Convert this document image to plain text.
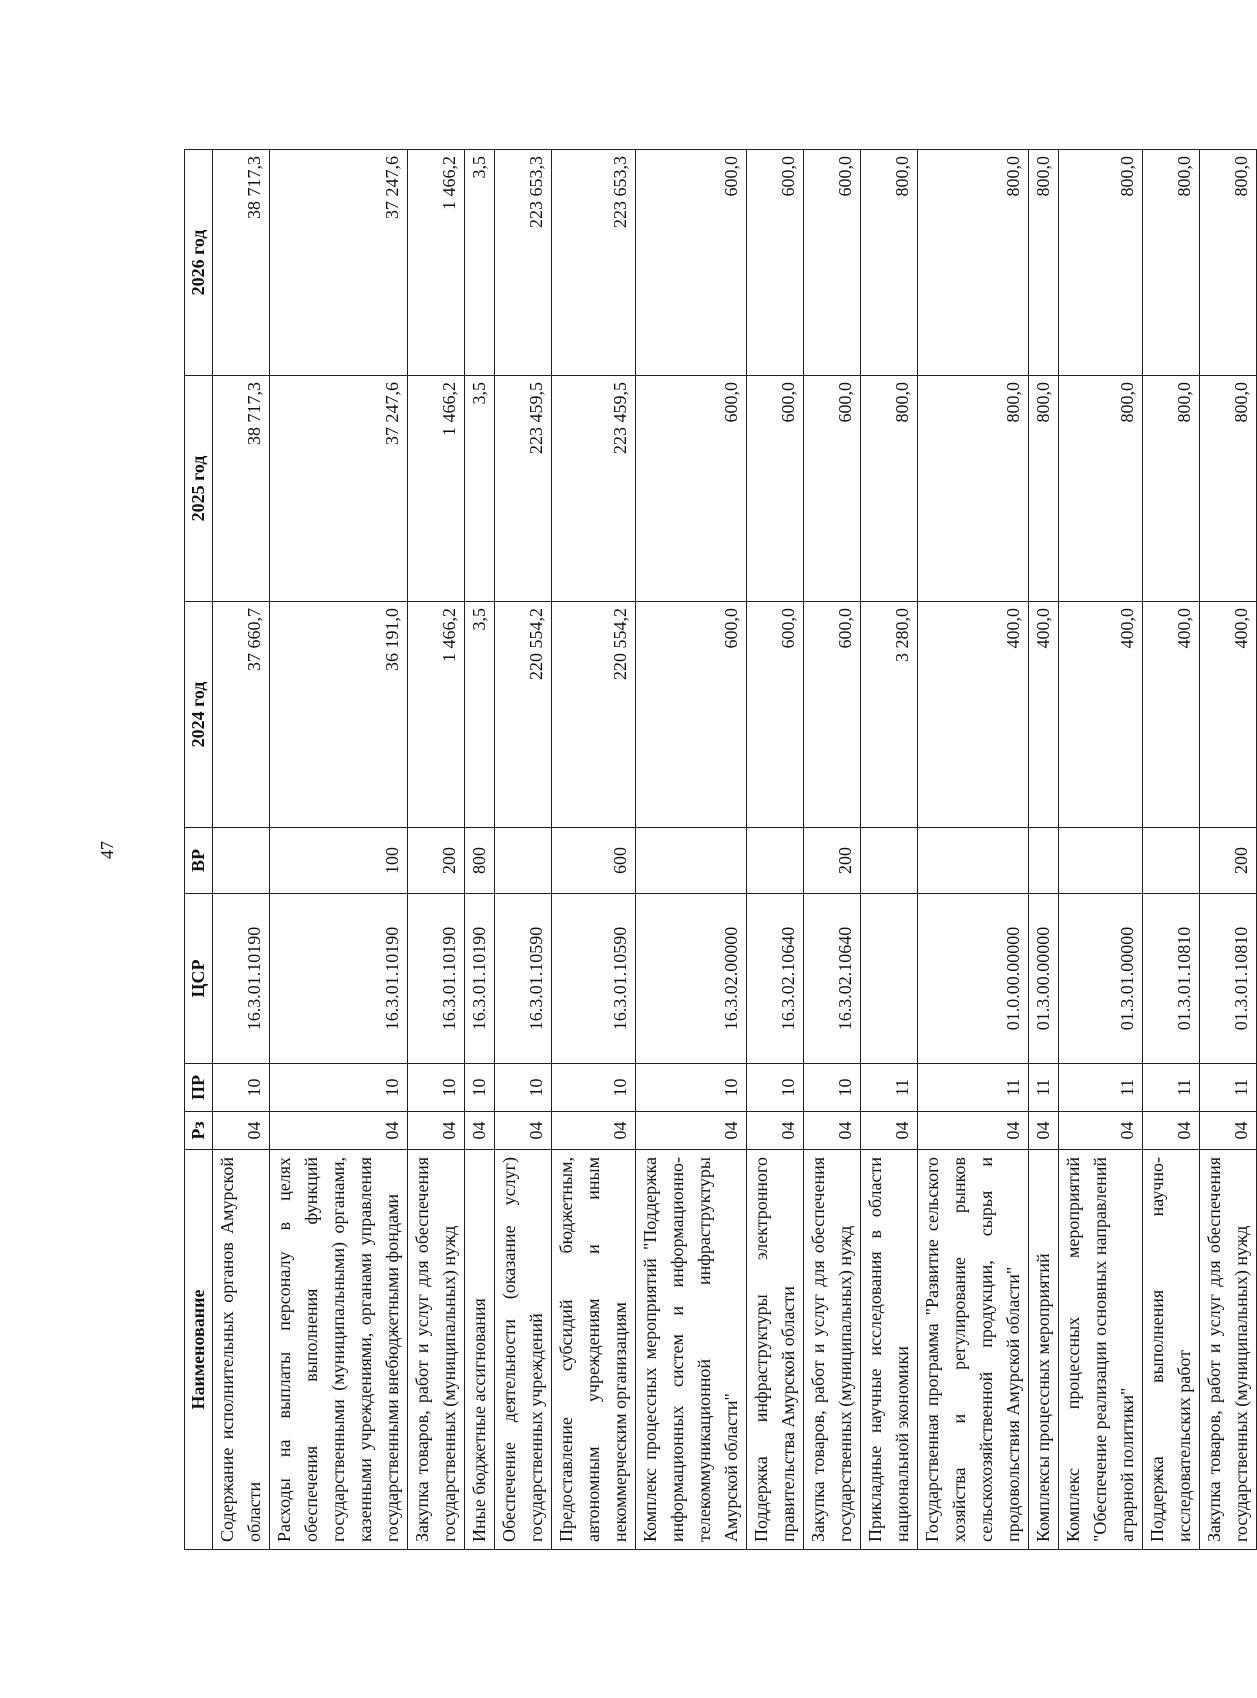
47
Наименование	Рз	ПР	ЦСР	ВР	2024 год	2025 год	2026 год
Содержание исполнительных органов Амурской области	04	10	16.3.01.10190		37 660,7	38 717,3	38 717,3
Расходы на выплаты персоналу в целях обеспечения выполнения функций государственными (муниципальными) органами, казенными учреждениями, органами управления государственными внебюджетными фондами	04	10	16.3.01.10190	100	36 191,0	37 247,6	37 247,6
Закупка товаров, работ и услуг для обеспечения государственных (муниципальных) нужд	04	10	16.3.01.10190	200	1 466,2	1 466,2	1 466,2
Иные бюджетные ассигнования	04	10	16.3.01.10190	800	3,5	3,5	3,5
Обеспечение деятельности (оказание услуг) государственных учреждений	04	10	16.3.01.10590		220 554,2	223 459,5	223 653,3
Предоставление субсидий бюджетным, автономным учреждениям и иным некоммерческим организациям	04	10	16.3.01.10590	600	220 554,2	223 459,5	223 653,3
Комплекс процессных мероприятий "Поддержка информационных систем и информационно-телекоммуникационной инфраструктуры Амурской области"	04	10	16.3.02.00000		600,0	600,0	600,0
Поддержка инфраструктуры электронного правительства Амурской области	04	10	16.3.02.10640		600,0	600,0	600,0
Закупка товаров, работ и услуг для обеспечения государственных (муниципальных) нужд	04	10	16.3.02.10640	200	600,0	600,0	600,0
Прикладные научные исследования в области национальной экономики	04	11			3 280,0	800,0	800,0
Государственная программа "Развитие сельского хозяйства и регулирование рынков сельскохозяйственной продукции, сырья и продовольствия Амурской области"	04	11	01.0.00.00000		400,0	800,0	800,0
Комплексы процессных мероприятий	04	11	01.3.00.00000		400,0	800,0	800,0
Комплекс процессных мероприятий "Обеспечение реализации основных направлений аграрной политики"	04	11	01.3.01.00000		400,0	800,0	800,0
Поддержка выполнения научно-исследовательских работ	04	11	01.3.01.10810		400,0	800,0	800,0
Закупка товаров, работ и услуг для обеспечения государственных (муниципальных) нужд	04	11	01.3.01.10810	200	400,0	800,0	800,0
